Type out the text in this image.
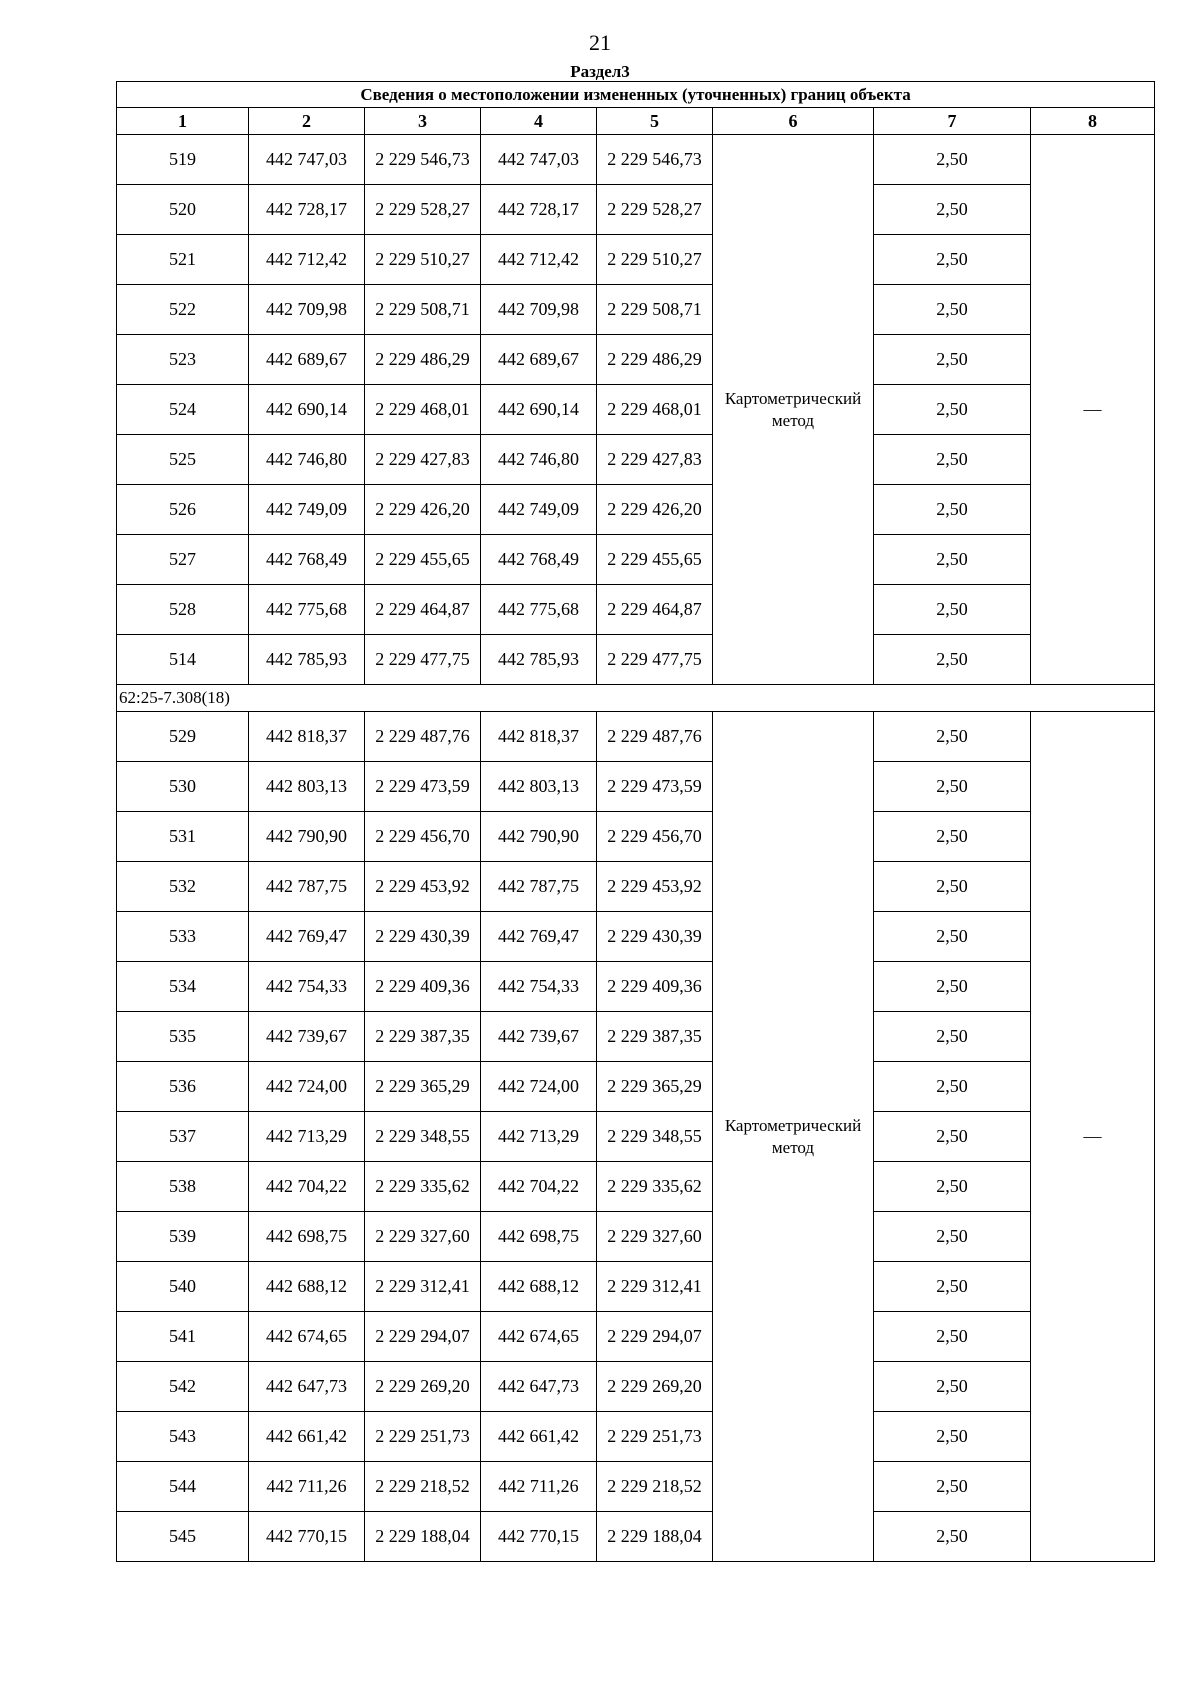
21
Раздел3
Сведения о местоположении измененных (уточненных) границ объекта							
1	2	3	4	5	6	7	8
519	442 747,03	2 229 546,73	442 747,03	2 229 546,73	Картометрический метод	2,50	—
520	442 728,17	2 229 528,27	442 728,17	2 229 528,27		2,50	
521	442 712,42	2 229 510,27	442 712,42	2 229 510,27		2,50	
522	442 709,98	2 229 508,71	442 709,98	2 229 508,71		2,50	
523	442 689,67	2 229 486,29	442 689,67	2 229 486,29		2,50	
524	442 690,14	2 229 468,01	442 690,14	2 229 468,01		2,50	
525	442 746,80	2 229 427,83	442 746,80	2 229 427,83		2,50	
526	442 749,09	2 229 426,20	442 749,09	2 229 426,20		2,50	
527	442 768,49	2 229 455,65	442 768,49	2 229 455,65		2,50	
528	442 775,68	2 229 464,87	442 775,68	2 229 464,87		2,50	
514	442 785,93	2 229 477,75	442 785,93	2 229 477,75		2,50	
62:25-7.308(18)							
529	442 818,37	2 229 487,76	442 818,37	2 229 487,76	Картометрический метод	2,50	—
530	442 803,13	2 229 473,59	442 803,13	2 229 473,59		2,50	
531	442 790,90	2 229 456,70	442 790,90	2 229 456,70		2,50	
532	442 787,75	2 229 453,92	442 787,75	2 229 453,92		2,50	
533	442 769,47	2 229 430,39	442 769,47	2 229 430,39		2,50	
534	442 754,33	2 229 409,36	442 754,33	2 229 409,36		2,50	
535	442 739,67	2 229 387,35	442 739,67	2 229 387,35		2,50	
536	442 724,00	2 229 365,29	442 724,00	2 229 365,29		2,50	
537	442 713,29	2 229 348,55	442 713,29	2 229 348,55		2,50	
538	442 704,22	2 229 335,62	442 704,22	2 229 335,62		2,50	
539	442 698,75	2 229 327,60	442 698,75	2 229 327,60		2,50	
540	442 688,12	2 229 312,41	442 688,12	2 229 312,41		2,50	
541	442 674,65	2 229 294,07	442 674,65	2 229 294,07		2,50	
542	442 647,73	2 229 269,20	442 647,73	2 229 269,20		2,50	
543	442 661,42	2 229 251,73	442 661,42	2 229 251,73		2,50	
544	442 711,26	2 229 218,52	442 711,26	2 229 218,52		2,50	
545	442 770,15	2 229 188,04	442 770,15	2 229 188,04		2,50	
